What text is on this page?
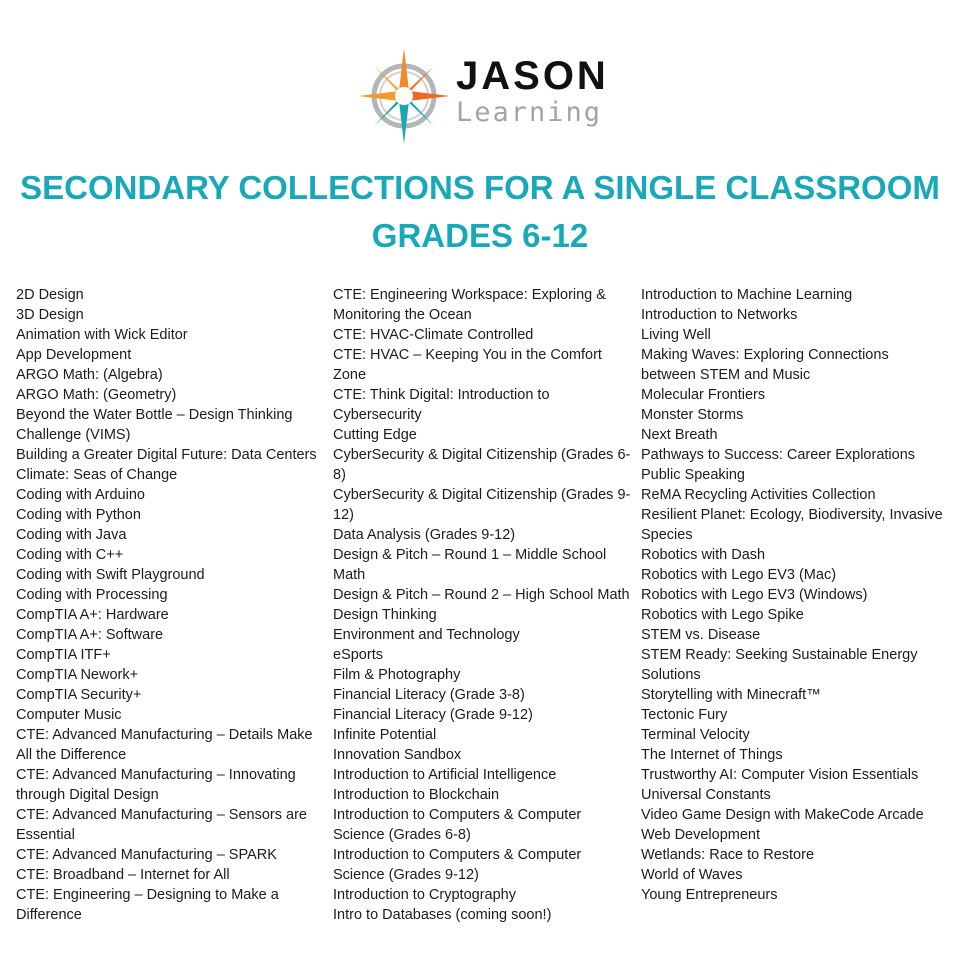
JASON
Learning
SECONDARY COLLECTIONS FOR A SINGLE CLASSROOM
GRADES 6-12
2D Design
3D Design
Animation with Wick Editor
App Development
ARGO Math: (Algebra)
ARGO Math: (Geometry)
Beyond the Water Bottle – Design Thinking
Challenge (VIMS)
Building a Greater Digital Future: Data Centers
Climate: Seas of Change
Coding with Arduino
Coding with Python
Coding with Java
Coding with C++
Coding with Swift Playground
Coding with Processing
CompTIA A+: Hardware
CompTIA A+: Software
CompTIA ITF+
CompTIA Nework+
CompTIA Security+
Computer Music
CTE: Advanced Manufacturing – Details Make
All the Difference
CTE: Advanced Manufacturing – Innovating
through Digital Design
CTE: Advanced Manufacturing – Sensors are
Essential
CTE: Advanced Manufacturing – SPARK
CTE: Broadband – Internet for All
CTE: Engineering – Designing to Make a
Difference
CTE: Engineering Workspace: Exploring &
Monitoring the Ocean
CTE: HVAC-Climate Controlled
CTE: HVAC – Keeping You in the Comfort
Zone
CTE: Think Digital: Introduction to
Cybersecurity
Cutting Edge
CyberSecurity & Digital Citizenship (Grades 6-
8)
CyberSecurity & Digital Citizenship (Grades 9-
12)
Data Analysis (Grades 9-12)
Design & Pitch – Round 1 – Middle School
Math
Design & Pitch – Round 2 – High School Math
Design Thinking
Environment and Technology
eSports
Film & Photography
Financial Literacy (Grade 3-8)
Financial Literacy (Grade 9-12)
Infinite Potential
Innovation Sandbox
Introduction to Artificial Intelligence
Introduction to Blockchain
Introduction to Computers & Computer
Science (Grades 6-8)
Introduction to Computers & Computer
Science (Grades 9-12)
Introduction to Cryptography
Intro to Databases (coming soon!)
Introduction to Machine Learning
Introduction to Networks
Living Well
Making Waves: Exploring Connections
between STEM and Music
Molecular Frontiers
Monster Storms
Next Breath
Pathways to Success: Career Explorations
Public Speaking
ReMA Recycling Activities Collection
Resilient Planet: Ecology, Biodiversity, Invasive
Species
Robotics with Dash
Robotics with Lego EV3 (Mac)
Robotics with Lego EV3 (Windows)
Robotics with Lego Spike
STEM vs. Disease
STEM Ready: Seeking Sustainable Energy
Solutions
Storytelling with Minecraft™
Tectonic Fury
Terminal Velocity
The Internet of Things
Trustworthy AI: Computer Vision Essentials
Universal Constants
Video Game Design with MakeCode Arcade
Web Development
Wetlands: Race to Restore
World of Waves
Young Entrepreneurs
